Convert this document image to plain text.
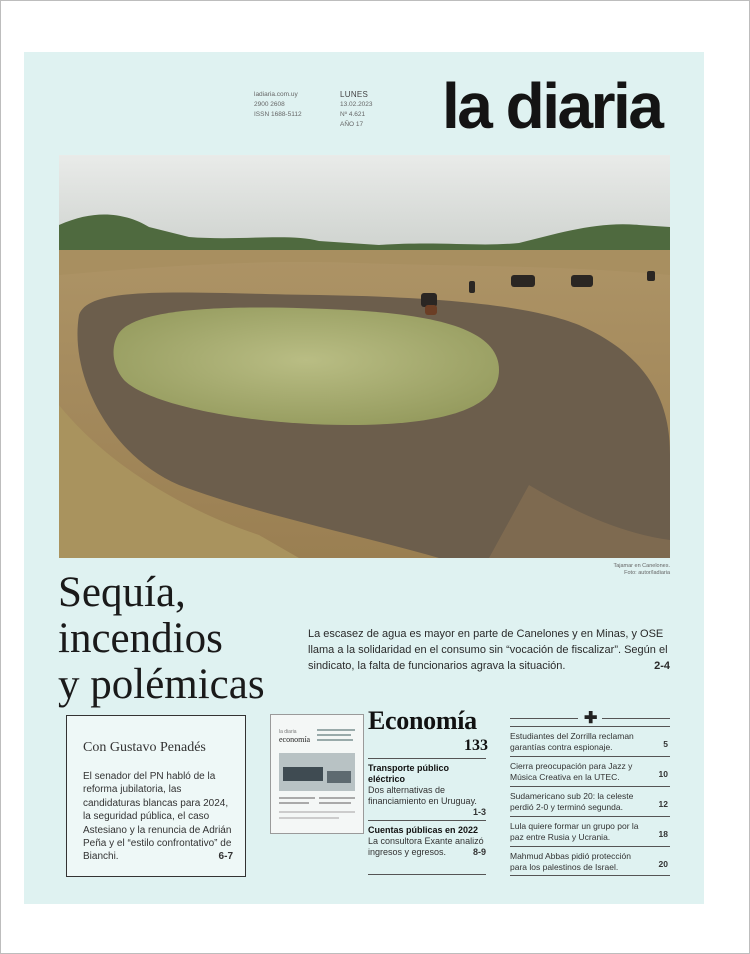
ladiaria.com.uy
2900 2608
ISSN 1688-5112
LUNES
13.02.2023
Nº 4.621
AÑO 17 la diaria
Tajamar en Canelones.
Foto: autor/ladiaria
Sequía, incendios
y polémicas
La escasez de agua es mayor en parte de Canelones y en Minas, y OSE llama a la solidaridad en el consumo sin “vocación de fiscalizar”. Según el sindicato, la falta de funcionarios agrava la situación.	2-4
Con Gustavo Penadés
El senador del PN habló de la reforma jubilatoria, las candidaturas blancas para 2024, la seguridad pública, el caso Astesiano y la renuncia de Adrián Peña y el “estilo confrontativo” de Bianchi.	6-7
la diaria
economía
Economía
133
Transporte público eléctrico
Dos alternativas de financiamiento en Uruguay.
1-3
Cuentas públicas en 2022
La consultora Exante analizó ingresos y egresos.	8-9
✚
Estudiantes del Zorrilla reclaman garantías contra espionaje.	5
Cierra preocupación para Jazz y Música Creativa en la UTEC.	10
Sudamericano sub 20: la celeste perdió 2-0 y terminó segunda.	12
Lula quiere formar un grupo por la paz entre Rusia y Ucrania.	18
Mahmud Abbas pidió protección para los palestinos de Israel.	20
